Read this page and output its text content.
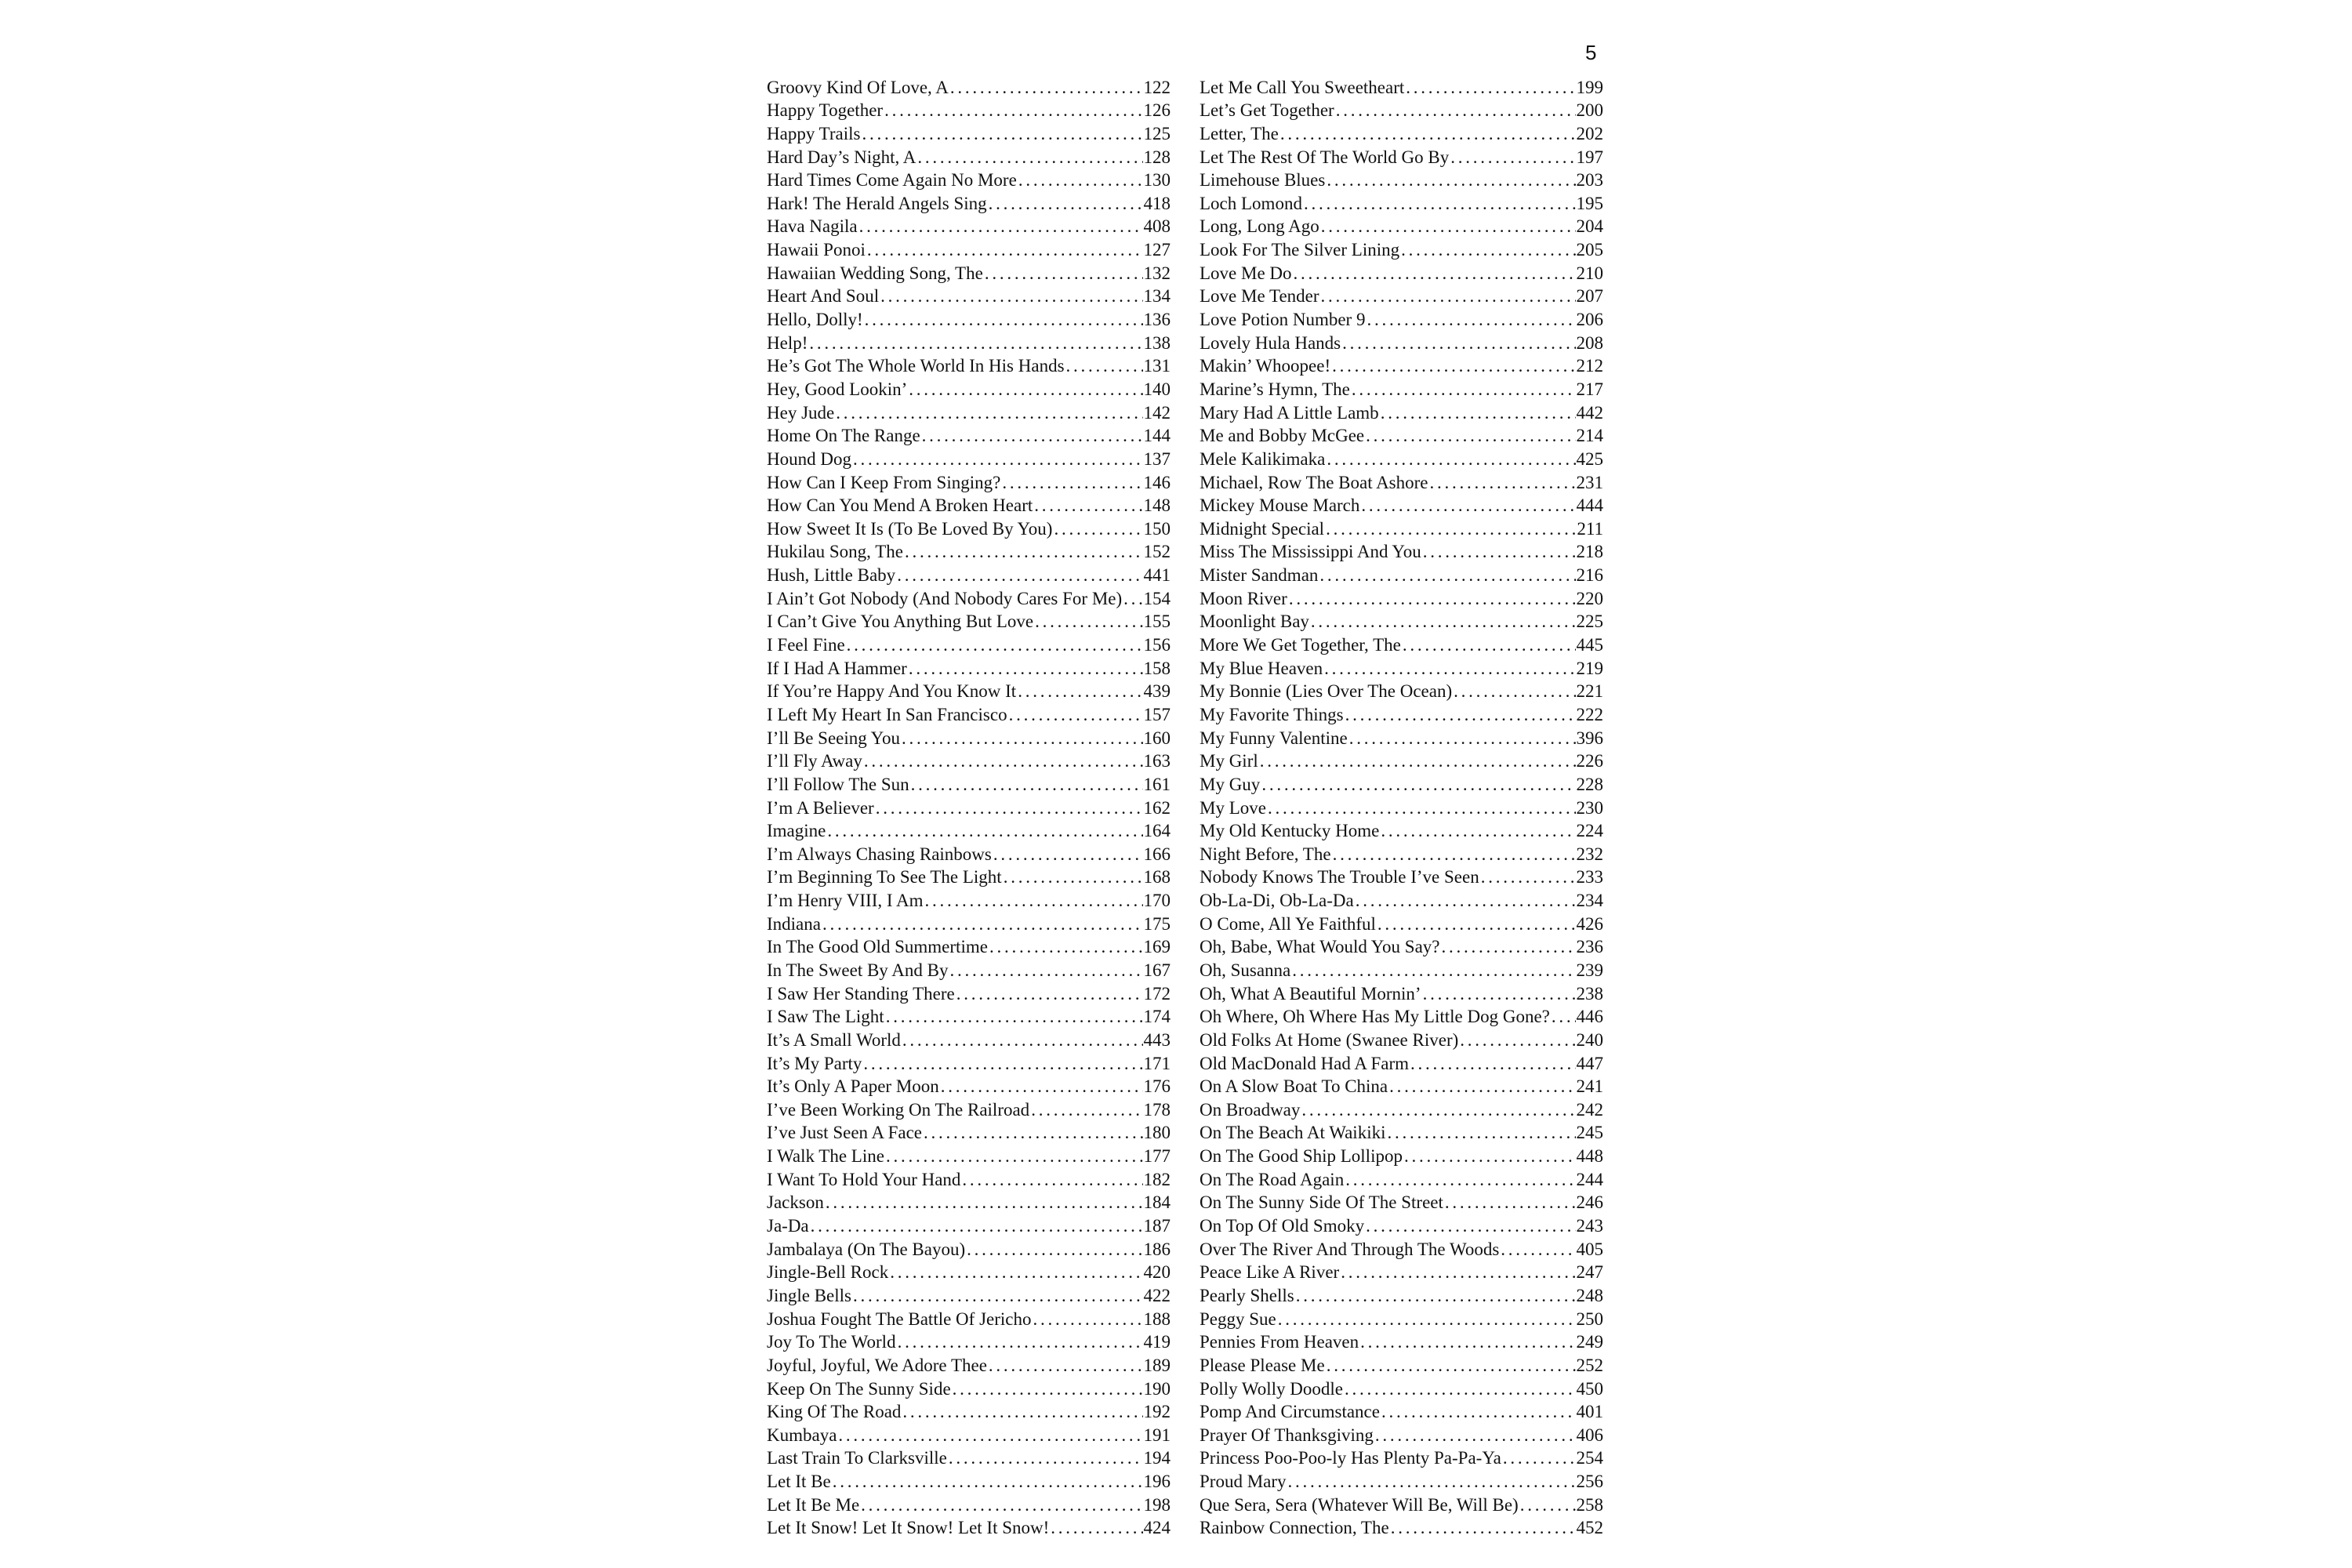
5
Groovy Kind Of Love, A . . .	122
Happy Together . . .	126
Happy Trails . . .	125
Hard Day’s Night, A . . .	128
Hard Times Come Again No More . . .	130
Hark! The Herald Angels Sing . . .	418
Hava Nagila . . .	408
Hawaii Ponoi . . .	127
Hawaiian Wedding Song, The . . .	132
Heart And Soul . . .	134
Hello, Dolly! . . .	136
Help! . . .	138
He’s Got The Whole World In His Hands . . .	131
Hey, Good Lookin’ . . .	140
Hey Jude . . .	142
Home On The Range . . .	144
Hound Dog . . .	137
How Can I Keep From Singing? . . .	146
How Can You Mend A Broken Heart . . .	148
How Sweet It Is (To Be Loved By You) . . .	150
Hukilau Song, The . . .	152
Hush, Little Baby . . .	441
I Ain’t Got Nobody (And Nobody Cares For Me) . . . 154
I Can’t Give You Anything But Love . . .	155
I Feel Fine . . .	156
If I Had A Hammer . . .	158
If You’re Happy And You Know It . . .	439
I Left My Heart In San Francisco . . .	157
I’ll Be Seeing You . . .	160
I’ll Fly Away . . .	163
I’ll Follow The Sun . . .	161
I’m A Believer . . .	162
Imagine . . .	164
I’m Always Chasing Rainbows . . .	166
I’m Beginning To See The Light . . .	168
I’m Henry VIII, I Am . . .	170
Indiana . . .	175
In The Good Old Summertime . . .	169
In The Sweet By And By . . .	167
I Saw Her Standing There . . .	172
I Saw The Light . . .	174
It’s A Small World . . .	443
It’s My Party . . .	171
It’s Only A Paper Moon . . .	176
I’ve Been Working On The Railroad . . .	178
I’ve Just Seen A Face . . .	180
I Walk The Line . . .	177
I Want To Hold Your Hand . . .	182
Jackson . . .	184
Ja-Da . . .	187
Jambalaya (On The Bayou) . . .	186
Jingle-Bell Rock . . .	420
Jingle Bells . . .	422
Joshua Fought The Battle Of Jericho . . .	188
Joy To The World . . .	419
Joyful, Joyful, We Adore Thee . . .	189
Keep On The Sunny Side . . .	190
King Of The Road . . .	192
Kumbaya . . .	191
Last Train To Clarksville . . .	194
Let It Be . . .	196
Let It Be Me . . .	198
Let It Snow! Let It Snow! Let It Snow! . . .	424
Let Me Call You Sweetheart . . .	199
Let’s Get Together . . .	200
Letter, The . . .	202
Let The Rest Of The World Go By . . .	197
Limehouse Blues . . .	203
Loch Lomond . . .	195
Long, Long Ago . . .	204
Look For The Silver Lining . . .	205
Love Me Do . . .	210
Love Me Tender . . .	207
Love Potion Number 9 . . .	206
Lovely Hula Hands . . .	208
Makin’ Whoopee! . . .	212
Marine’s Hymn, The . . .	217
Mary Had A Little Lamb . . .	442
Me and Bobby McGee . . .	214
Mele Kalikimaka . . .	425
Michael, Row The Boat Ashore . . .	231
Mickey Mouse March . . .	444
Midnight Special . . .	211
Miss The Mississippi And You . . .	218
Mister Sandman . . .	216
Moon River . . .	220
Moonlight Bay . . .	225
More We Get Together, The . . .	445
My Blue Heaven . . .	219
My Bonnie (Lies Over The Ocean) . . .	221
My Favorite Things . . .	222
My Funny Valentine . . .	396
My Girl . . .	226
My Guy . . .	228
My Love . . .	230
My Old Kentucky Home . . .	224
Night Before, The . . .	232
Nobody Knows The Trouble I’ve Seen . . .	233
Ob-La-Di, Ob-La-Da . . .	234
O Come, All Ye Faithful . . .	426
Oh, Babe, What Would You Say? . . .	236
Oh, Susanna . . .	239
Oh, What A Beautiful Mornin’ . . .	238
Oh Where, Oh Where Has My Little Dog Gone? . . . 446
Old Folks At Home (Swanee River) . . .	240
Old MacDonald Had A Farm . . .	447
On A Slow Boat To China . . .	241
On Broadway . . .	242
On The Beach At Waikiki . . .	245
On The Good Ship Lollipop . . .	448
On The Road Again . . .	244
On The Sunny Side Of The Street . . .	246
On Top Of Old Smoky . . .	243
Over The River And Through The Woods . . .	405
Peace Like A River . . .	247
Pearly Shells . . .	248
Peggy Sue . . .	250
Pennies From Heaven . . .	249
Please Please Me . . .	252
Polly Wolly Doodle . . .	450
Pomp And Circumstance . . .	401
Prayer Of Thanksgiving . . .	406
Princess Poo-Poo-ly Has Plenty Pa-Pa-Ya . . .	254
Proud Mary . . .	256
Que Sera, Sera (Whatever Will Be, Will Be) . . .	258
Rainbow Connection, The . . .	452
